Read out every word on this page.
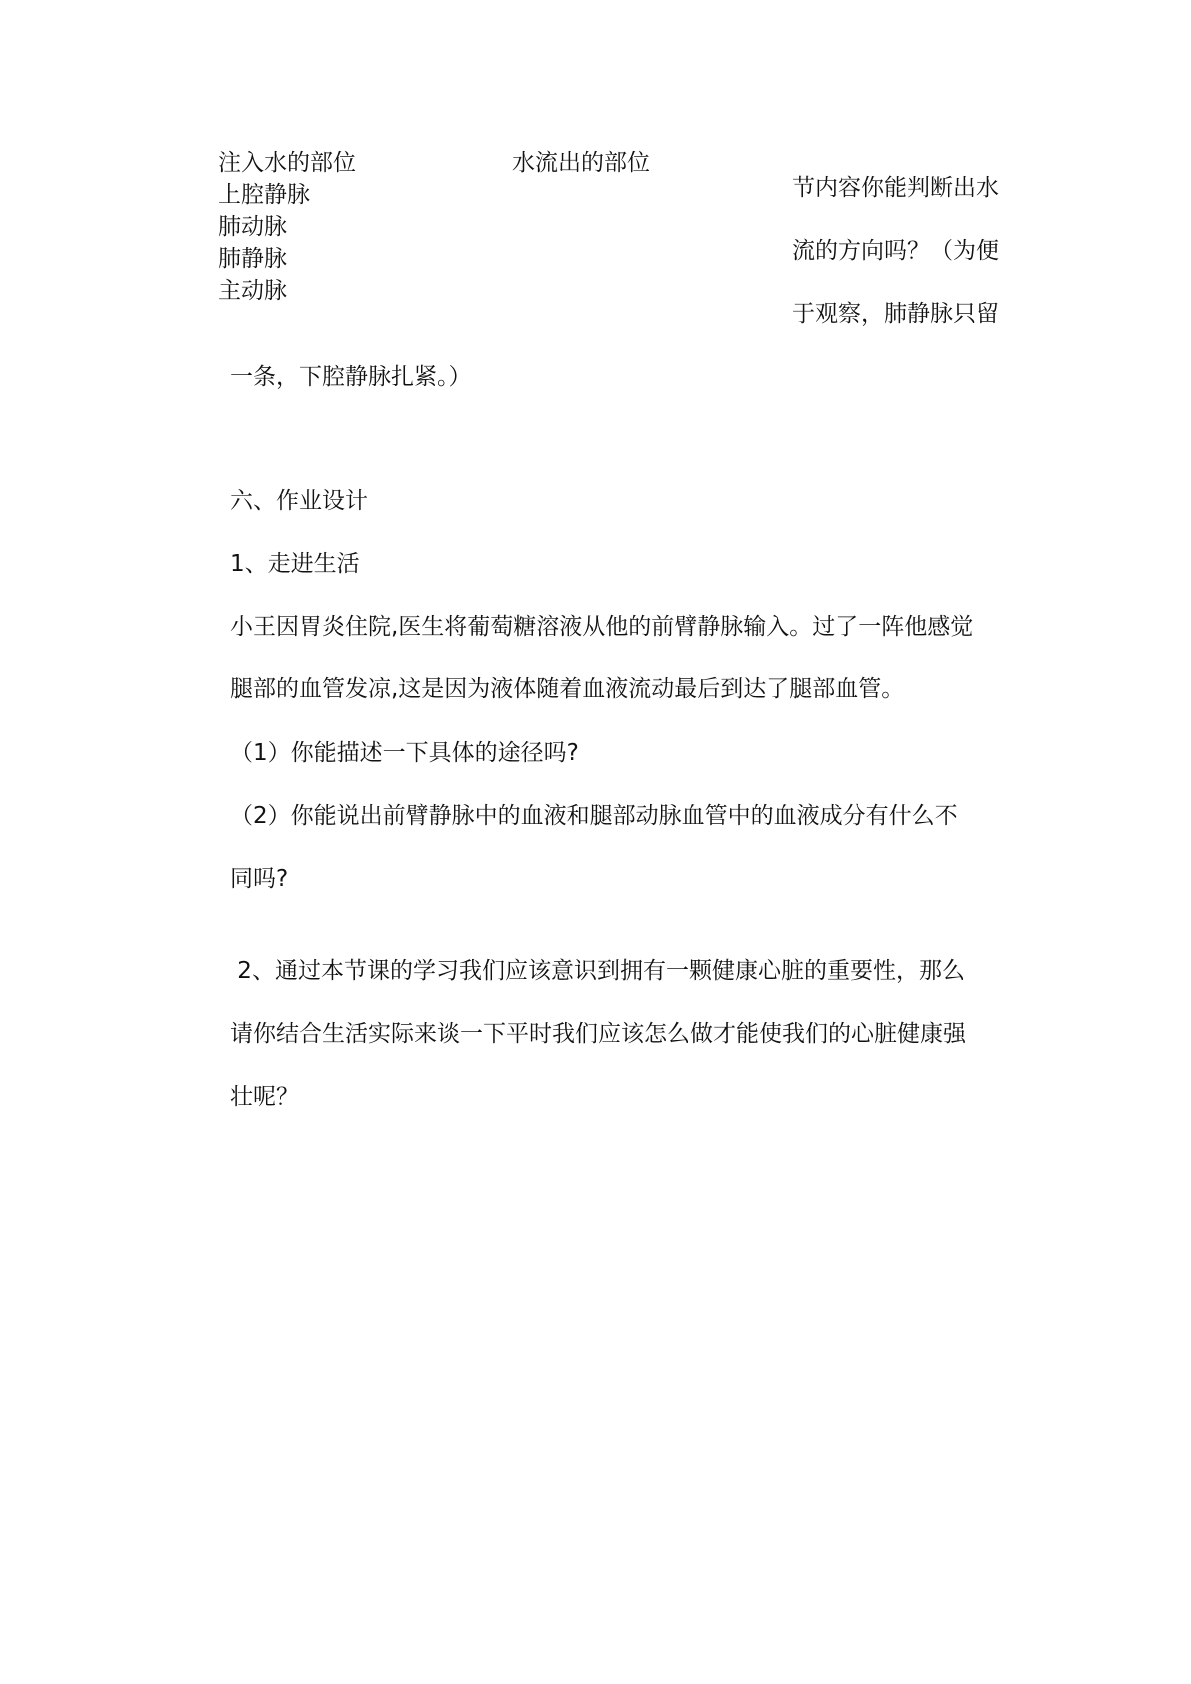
注入水的部位	水流出的部位
上腔静脉
肺动脉
肺静脉
主动脉
节内容你能判断出水
流的方向吗？（为便
于观察，肺静脉只留
一条，下腔静脉扎紧。）
六、作业设计
1、走进生活
小王因胃炎住院,医生将葡萄糖溶液从他的前臂静脉输入。过了一阵他感觉
腿部的血管发凉,这是因为液体随着血液流动最后到达了腿部血管。
（1）你能描述一下具体的途径吗?
（2）你能说出前臂静脉中的血液和腿部动脉血管中的血液成分有什么不
同吗?
2、通过本节课的学习我们应该意识到拥有一颗健康心脏的重要性，那么
请你结合生活实际来谈一下平时我们应该怎么做才能使我们的心脏健康强
壮呢？
